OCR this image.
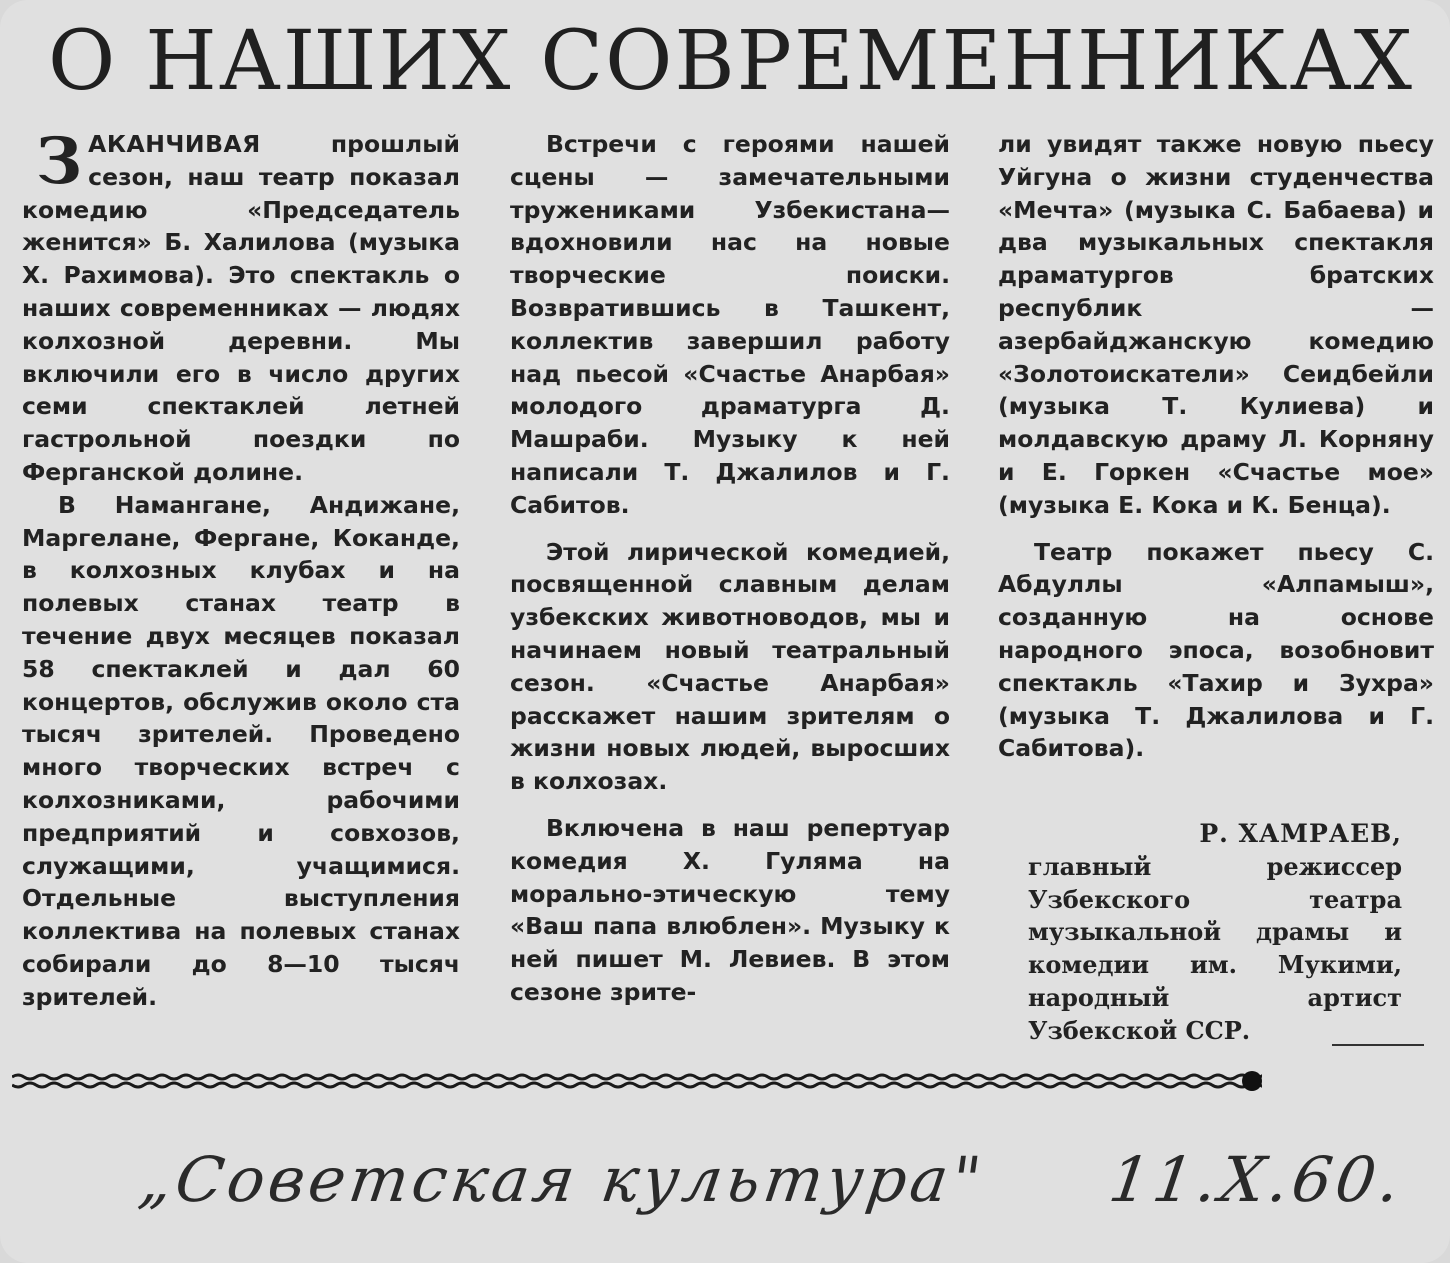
О НАШИХ СОВРЕМЕННИКАХ

ЗАКАНЧИВАЯ прошлый сезон, наш театр показал комедию «Председатель женится» Б. Халилова (музыка Х. Рахимова). Это спектакль о наших современниках — людях колхозной деревни. Мы включили его в число других семи спектаклей летней гастрольной поездки по Ферганской долине.

В Намангане, Андижане, Маргелане, Фергане, Коканде, в колхозных клубах и на полевых станах театр в течение двух месяцев показал 58 спектаклей и дал 60 концертов, обслужив около ста тысяч зрителей. Проведено много творческих встреч с колхозниками, рабочими предприятий и совхозов, служащими, учащимися. Отдельные выступления коллектива на полевых станах собирали до 8—10 тысяч зрителей.

Встречи с героями нашей сцены — замечательными тружениками Узбекистана— вдохновили нас на новые творческие поиски. Возвратившись в Ташкент, коллектив завершил работу над пьесой «Счастье Анарбая» молодого драматурга Д. Машраби. Музыку к ней написали Т. Джалилов и Г. Сабитов.

Этой лирической комедией, посвященной славным делам узбекских животноводов, мы и начинаем новый театральный сезон. «Счастье Анарбая» расскажет нашим зрителям о жизни новых людей, выросших в колхозах.

Включена в наш репертуар комедия Х. Гуляма на морально-этическую тему «Ваш папа влюблен». Музыку к ней пишет М. Левиев. В этом сезоне зрите-

ли увидят также новую пьесу Уйгуна о жизни студенчества «Мечта» (музыка С. Бабаева) и два музыкальных спектакля драматургов братских республик — азербайджанскую комедию «Золотоискатели» Сеидбейли (музыка Т. Кулиева) и молдавскую драму Л. Корняну и Е. Горкен «Счастье мое» (музыка Е. Кока и К. Бенца).

Театр покажет пьесу С. Абдуллы «Алпамыш», созданную на основе народного эпоса, возобновит спектакль «Тахир и Зухра» (музыка Т. Джалилова и Г. Сабитова).

Р. ХАМРАЕВ,
главный режиссер Узбекского театра музыкальной драмы и комедии им. Мукими, народный артист Узбекской ССР.
„Советская культура" 11.Х.60.
